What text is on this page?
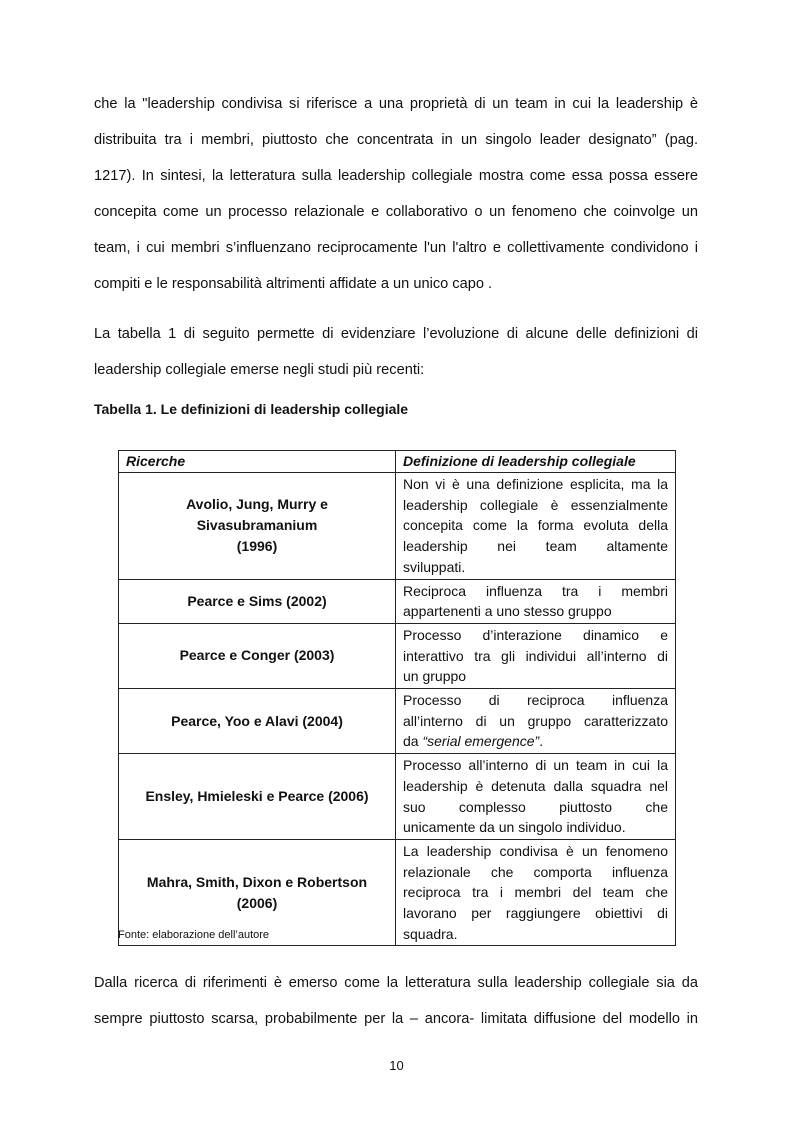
che la "leadership condivisa si riferisce a una proprietà di un team in cui la leadership è
distribuita tra i membri, piuttosto che concentrata in un singolo leader designato” (pag.
1217). In sintesi, la letteratura sulla leadership collegiale mostra come essa possa essere
concepita come un processo relazionale e collaborativo o un fenomeno che coinvolge un
team, i cui membri s’influenzano reciprocamente l'un l'altro e collettivamente condividono i
compiti e le responsabilità altrimenti affidate a un unico capo .

La tabella 1 di seguito permette di evidenziare l’evoluzione di alcune delle definizioni di
leadership collegiale emerse negli studi più recenti:

Tabella 1. Le definizioni di leadership collegiale

Ricerche	Definizione di leadership collegiale

Avolio, Jung, Murry e Sivasubramanium
(1996)	Non vi è una definizione esplicita, ma la
leadership collegiale è essenzialmente
concepita come la forma evoluta della
leadership nei team altamente
sviluppati.

Pearce e Sims (2002)	Reciproca influenza tra i membri
appartenenti a uno stesso gruppo

Pearce e Conger (2003)	Processo d’interazione dinamico e
interattivo tra gli individui all’interno di
un gruppo

Pearce, Yoo e Alavi (2004)	Processo di reciproca influenza
all’interno di un gruppo caratterizzato
da “serial emergence”.

Ensley, Hmieleski e Pearce (2006)	Processo all’interno di un team in cui la
leadership è detenuta dalla squadra nel
suo complesso piuttosto che
unicamente da un singolo individuo.

Mahra, Smith, Dixon e Robertson
(2006)	La leadership condivisa è un fenomeno
relazionale che comporta influenza
reciproca tra i membri del team che
lavorano per raggiungere obiettivi di
squadra.

Fonte: elaborazione dell’autore

Dalla ricerca di riferimenti è emerso come la letteratura sulla leadership collegiale sia da
sempre piuttosto scarsa, probabilmente per la – ancora- limitata diffusione del modello in

10
